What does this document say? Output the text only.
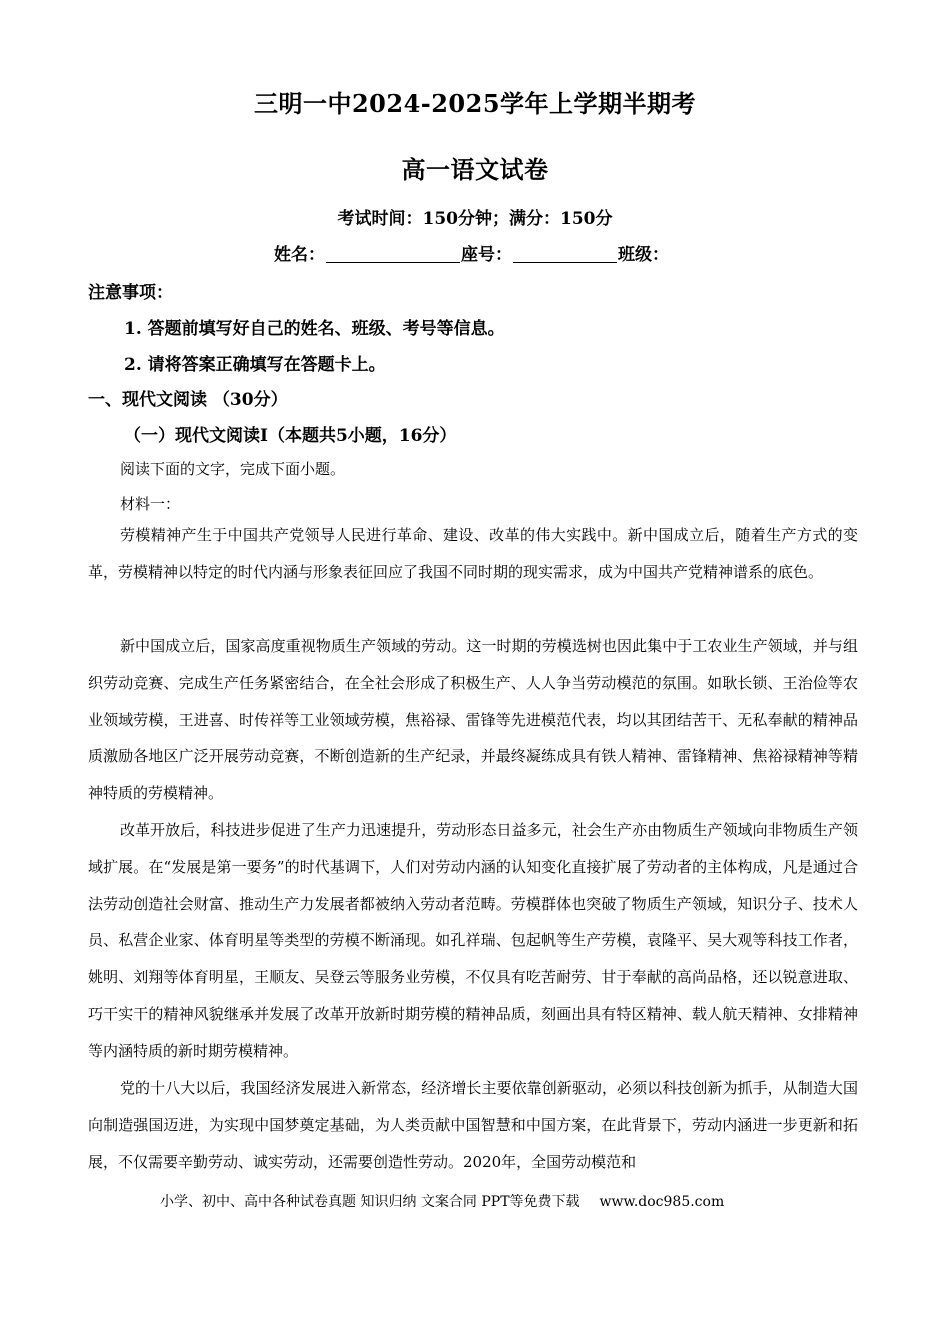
三明一中2024-2025学年上学期半期考
高一语文试卷
考试时间：150分钟；满分：150分
姓名：	座号：	班级：
注意事项：
1. 答题前填写好自己的姓名、班级、考号等信息。
2. 请将答案正确填写在答题卡上。
一、现代文阅读 （30分）
（一）现代文阅读Ⅰ（本题共5小题，16分）
阅读下面的文字，完成下面小题。
材料一：

劳模精神产生于中国共产党领导人民进行革命、建设、改革的伟大实践中。新中国成立后，随着生产方式的变革，劳模精神以特定的时代内涵与形象表征回应了我国不同时期的现实需求，成为中国共产党精神谱系的底色。

新中国成立后，国家高度重视物质生产领域的劳动。这一时期的劳模选树也因此集中于工农业生产领域，并与组织劳动竞赛、完成生产任务紧密结合，在全社会形成了积极生产、人人争当劳动模范的氛围。如耿长锁、王治俭等农业领域劳模，王进喜、时传祥等工业领域劳模，焦裕禄、雷锋等先进模范代表，均以其团结苦干、无私奉献的精神品质激励各地区广泛开展劳动竞赛，不断创造新的生产纪录，并最终凝练成具有铁人精神、雷锋精神、焦裕禄精神等精神特质的劳模精神。

改革开放后，科技进步促进了生产力迅速提升，劳动形态日益多元，社会生产亦由物质生产领域向非物质生产领域扩展。在“发展是第一要务”的时代基调下，人们对劳动内涵的认知变化直接扩展了劳动者的主体构成，凡是通过合法劳动创造社会财富、推动生产力发展者都被纳入劳动者范畴。劳模群体也突破了物质生产领域，知识分子、技术人员、私营企业家、体育明星等类型的劳模不断涌现。如孔祥瑞、包起帆等生产劳模，袁隆平、吴大观等科技工作者，姚明、刘翔等体育明星，王顺友、吴登云等服务业劳模，不仅具有吃苦耐劳、甘于奉献的高尚品格，还以锐意进取、巧干实干的精神风貌继承并发展了改革开放新时期劳模的精神品质，刻画出具有特区精神、载人航天精神、女排精神等内涵特质的新时期劳模精神。

党的十八大以后，我国经济发展进入新常态，经济增长主要依靠创新驱动，必须以科技创新为抓手，从制造大国向制造强国迈进，为实现中国梦奠定基础，为人类贡献中国智慧和中国方案，在此背景下，劳动内涵进一步更新和拓展，不仅需要辛勤劳动、诚实劳动，还需要创造性劳动。2020年，全国劳动模范和

小学、初中、高中各种试卷真题 知识归纳 文案合同 PPT等免费下载 www.doc985.com
